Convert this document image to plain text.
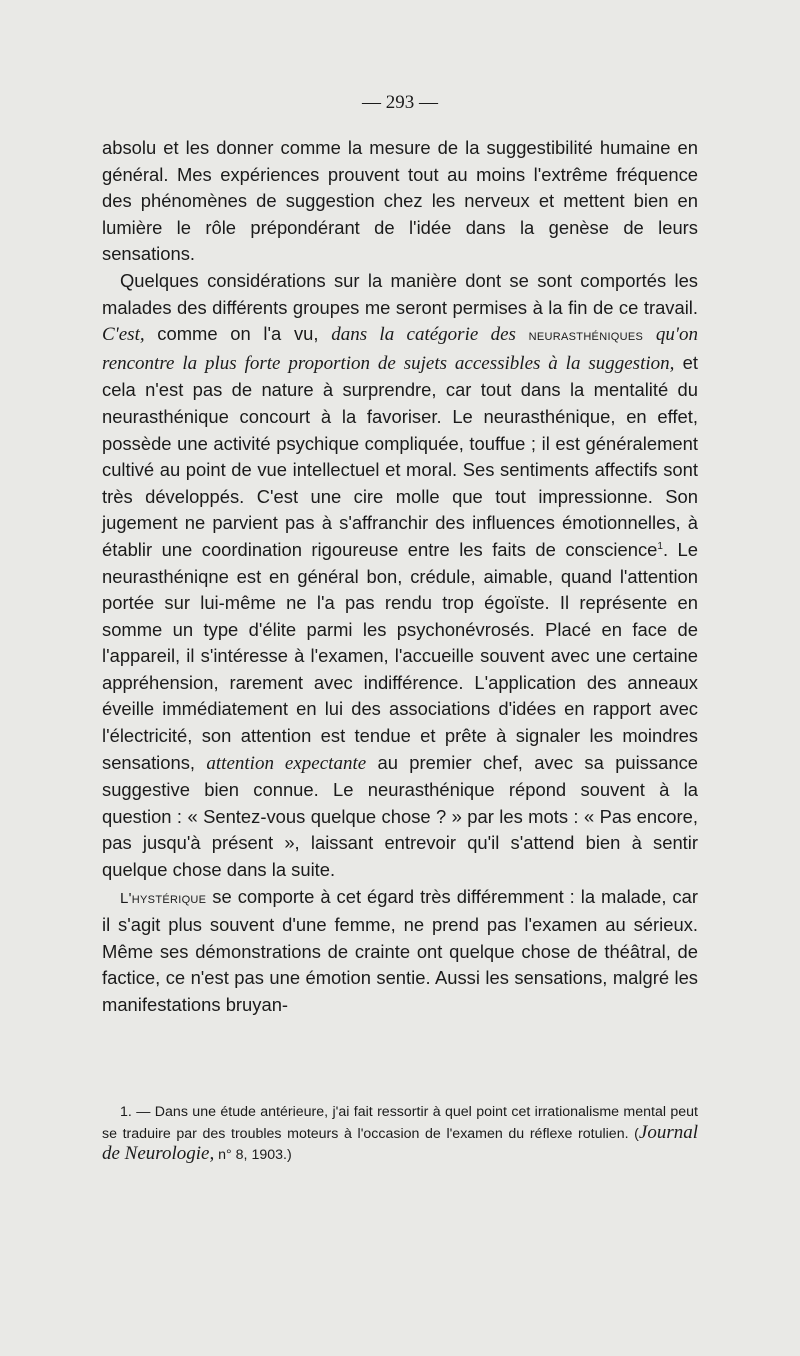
— 293 —

absolu et les donner comme la mesure de la suggestibilité humaine en général. Mes expériences prouvent tout au moins l'extrême fréquence des phénomènes de suggestion chez les nerveux et mettent bien en lumière le rôle prépondérant de l'idée dans la genèse de leurs sensations.

Quelques considérations sur la manière dont se sont comportés les malades des différents groupes me seront permises à la fin de ce travail. C'est, comme on l'a vu, dans la catégorie des neurasthéniques qu'on rencontre la plus forte proportion de sujets accessibles à la suggestion, et cela n'est pas de nature à surprendre, car tout dans la mentalité du neurasthénique concourt à la favoriser. Le neurasthénique, en effet, possède une activité psychique compliquée, touffue ; il est généralement cultivé au point de vue intellectuel et moral. Ses sentiments affectifs sont très développés. C'est une cire molle que tout impressionne. Son jugement ne parvient pas à s'affranchir des influences émotionnelles, à établir une coordination rigoureuse entre les faits de conscience$^1$. Le neurasthéniqne est en général bon, crédule, aimable, quand l'attention portée sur lui-même ne l'a pas rendu trop égoïste. Il représente en somme un type d'élite parmi les psychonévrosés. Placé en face de l'appareil, il s'intéresse à l'examen, l'accueille souvent avec une certaine appréhension, rarement avec indifférence. L'application des anneaux éveille immédiatement en lui des associations d'idées en rapport avec l'électricité, son attention est tendue et prête à signaler les moindres sensations, attention expectante au premier chef, avec sa puissance suggestive bien connue. Le neurasthénique répond souvent à la question : « Sentez-vous quelque chose ? » par les mots : « Pas encore, pas jusqu'à présent », laissant entrevoir qu'il s'attend bien à sentir quelque chose dans la suite.

L'hystérique se comporte à cet égard très différemment : la malade, car il s'agit plus souvent d'une femme, ne prend pas l'examen au sérieux. Même ses démonstrations de crainte ont quelque chose de théâtral, de factice, ce n'est pas une émotion sentie. Aussi les sensations, malgré les manifestations bruyan-

1. — Dans une étude antérieure, j'ai fait ressortir à quel point cet irrationalisme mental peut se traduire par des troubles moteurs à l'occasion de l'examen du réflexe rotulien. (Journal de Neurologie, n° 8, 1903.)
